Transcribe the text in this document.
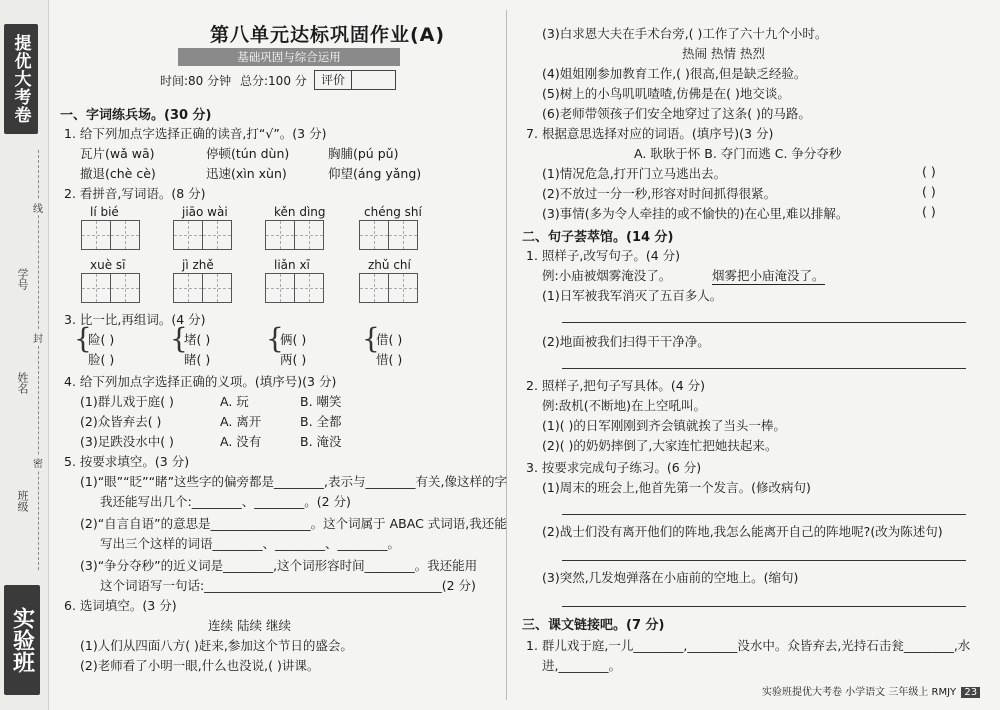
提优大考卷
学号
姓名
班级
线
封
密
实验班
第八单元达标巩固作业(A)
基础巩固与综合运用
时间:80 分钟 总分:100 分	评价
一、字词练兵场。(30 分)
1. 给下列加点字选择正确的读音,打“√”。(3 分)
瓦片(wǎ wā)	停顿(tún dùn)	胸脯(pú pǔ)
撤退(chè cè)	迅速(xìn xùn)	仰望(áng yǎng)
2. 看拼音,写词语。(8 分)
lí bié	jiāo wài	kěn dìng	chéng shí
xuè sī	jì zhě	liǎn xī	zhǔ chí
3. 比一比,再组词。(4 分)
{	{	{	{
险( )	堵( )	俩( )	借( )
脸( )	睹( )	两( )	惜( )
4. 给下列加点字选择正确的义项。(填序号)(3 分)
(1)群儿戏于庭( )	A. 玩	B. 嘲笑
(2)众皆弃去( )	A. 离开	B. 全都
(3)足跌没水中( )	A. 没有	B. 淹没
5. 按要求填空。(3 分)
(1)“眼”“眨”“睹”这些字的偏旁都是________,表示与________有关,像这样的字
我还能写出几个:________、________。(2 分)
(2)“自言自语”的意思是________________。这个词属于 ABAC 式词语,我还能
写出三个这样的词语________、________、________。
(3)“争分夺秒”的近义词是________,这个词形容时间________。我还能用
这个词语写一句话:______________________________________(2 分)
6. 选词填空。(3 分)
连续 陆续 继续
(1)人们从四面八方( )赶来,参加这个节日的盛会。
(2)老师看了小明一眼,什么也没说,( )讲课。
(3)白求恩大夫在手术台旁,( )工作了六十九个小时。
热闹 热情 热烈
(4)姐姐刚参加教育工作,( )很高,但是缺乏经验。
(5)树上的小鸟叽叽喳喳,仿佛是在( )地交谈。
(6)老师带领孩子们安全地穿过了这条( )的马路。
7. 根据意思选择对应的词语。(填序号)(3 分)
A. 耿耿于怀 B. 夺门而逃 C. 争分夺秒
(1)情况危急,打开门立马逃出去。	( )
(2)不放过一分一秒,形容对时间抓得很紧。	( )
(3)事情(多为令人牵挂的或不愉快的)在心里,难以排解。	( )
二、句子荟萃馆。(14 分)
1. 照样子,改写句子。(4 分)
例:小庙被烟雾淹没了。	烟雾把小庙淹没了。
(1)日军被我军消灭了五百多人。
(2)地面被我们扫得干干净净。
2. 照样子,把句子写具体。(4 分)
例:敌机(不断地)在上空吼叫。
(1)( )的日军刚刚到齐会镇就挨了当头一棒。
(2)( )的奶奶摔倒了,大家连忙把她扶起来。
3. 按要求完成句子练习。(6 分)
(1)周末的班会上,他首先第一个发言。(修改病句)
(2)战士们没有离开他们的阵地,我怎么能离开自己的阵地呢?(改为陈述句)
(3)突然,几发炮弹落在小庙前的空地上。(缩句)
三、课文链接吧。(7 分)
1. 群儿戏于庭,一儿________,________没水中。众皆弃去,光持石击瓮________,水
进,________。
实验班提优大考卷 小学语文 三年级上 RMJY 23
